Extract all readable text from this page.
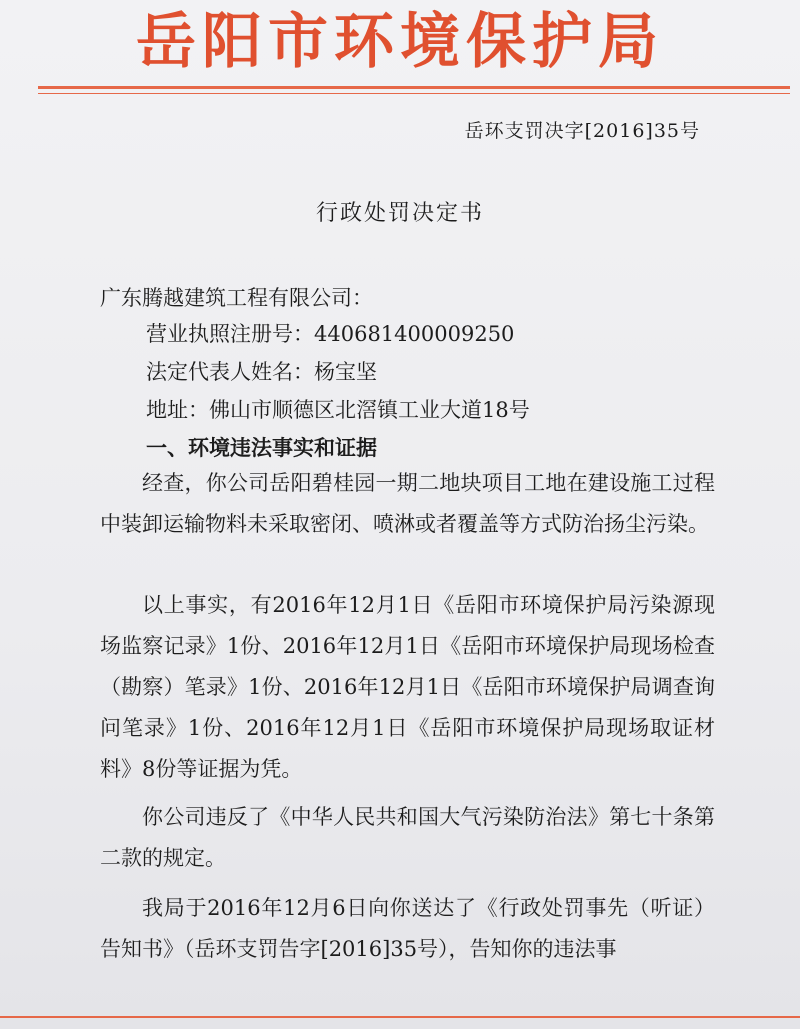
岳阳市环境保护局
岳环支罚决字[2016]35号
行政处罚决定书
广东腾越建筑工程有限公司：
营业执照注册号：440681400009250
法定代表人姓名：杨宝坚
地址：佛山市顺德区北滘镇工业大道18号
一、环境违法事实和证据
经查，你公司岳阳碧桂园一期二地块项目工地在建设施工过程中装卸运输物料未采取密闭、喷淋或者覆盖等方式防治扬尘污染。
以上事实，有2016年12月1日《岳阳市环境保护局污染源现场监察记录》1份、2016年12月1日《岳阳市环境保护局现场检查（勘察）笔录》1份、2016年12月1日《岳阳市环境保护局调查询问笔录》1份、2016年12月1日《岳阳市环境保护局现场取证材料》8份等证据为凭。
你公司违反了《中华人民共和国大气污染防治法》第七十条第二款的规定。
我局于2016年12月6日向你送达了《行政处罚事先（听证）告知书》（岳环支罚告字[2016]35号），告知你的违法事
